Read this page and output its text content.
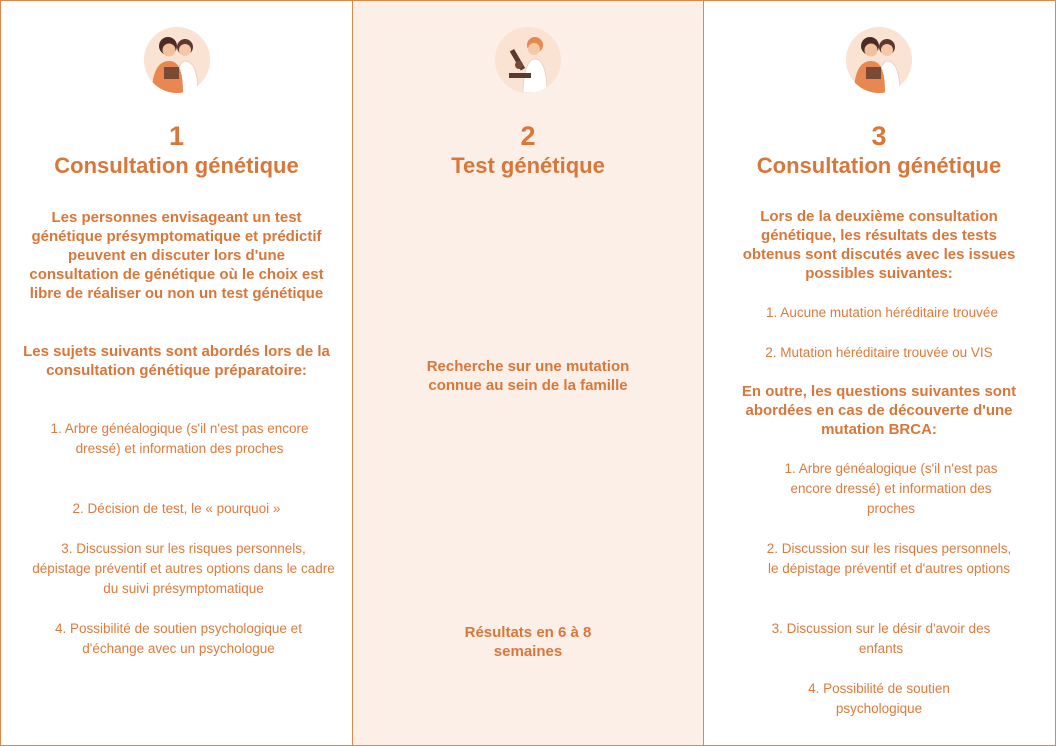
1
Consultation génétique
Les personnes envisageant un test génétique présymptomatique et prédictif peuvent en discuter lors d'une consultation de génétique où le choix est libre de réaliser ou non un test génétique
Les sujets suivants sont abordés lors de la consultation génétique préparatoire:
1. Arbre généalogique (s'il n'est pas encore dressé) et information des proches
2. Décision de test, le « pourquoi »
3. Discussion sur les risques personnels, dépistage préventif et autres options dans le cadre du suivi présymptomatique
4. Possibilité de soutien psychologique et d'échange avec un psychologue
2
Test génétique
Recherche sur une mutation connue au sein de la famille
Résultats en 6 à 8 semaines
3
Consultation génétique
Lors de la deuxième consultation génétique, les résultats des tests obtenus sont discutés avec les issues possibles suivantes:
1. Aucune mutation héréditaire trouvée
2. Mutation héréditaire trouvée ou VIS
En outre, les questions suivantes sont abordées en cas de découverte d'une mutation BRCA:
1. Arbre généalogique (s'il n'est pas encore dressé) et information des proches
2. Discussion sur les risques personnels, le dépistage préventif et d'autres options
3. Discussion sur le désir d'avoir des enfants
4. Possibilité de soutien psychologique
